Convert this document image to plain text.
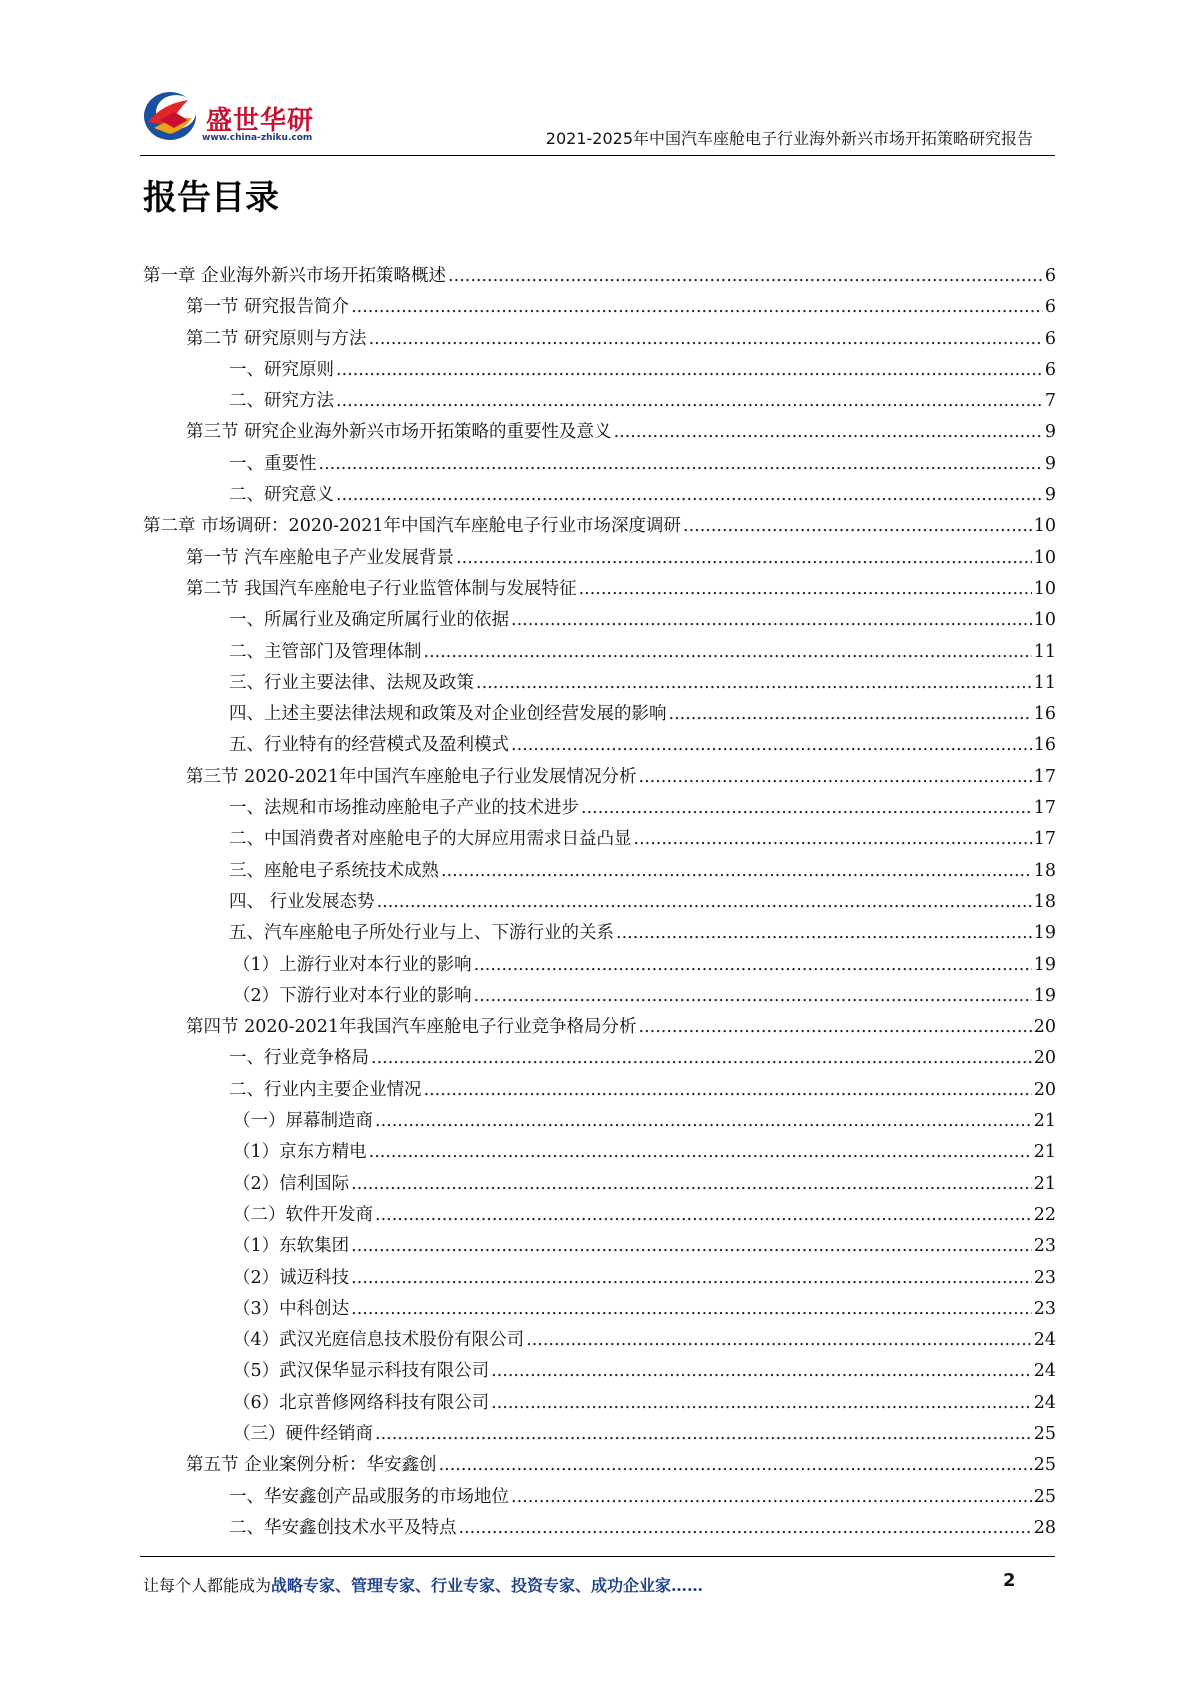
盛世华研
www.china-zhiku.com	2021-2025年中国汽车座舱电子行业海外新兴市场开拓策略研究报告
报告目录
第一章 企业海外新兴市场开拓策略概述 .....	6
第一节 研究报告简介 .....	6
第二节 研究原则与方法 .....	6
一、研究原则 .....	6
二、研究方法 .....	7
第三节 研究企业海外新兴市场开拓策略的重要性及意义 .....	9
一、重要性 .....	9
二、研究意义 .....	9
第二章 市场调研：2020-2021年中国汽车座舱电子行业市场深度调研 .....	10
第一节 汽车座舱电子产业发展背景 .....	10
第二节 我国汽车座舱电子行业监管体制与发展特征 .....	10
一、所属行业及确定所属行业的依据 .....	10
二、主管部门及管理体制 .....	11
三、行业主要法律、法规及政策 .....	11
四、上述主要法律法规和政策及对企业创经营发展的影响 .....	16
五、行业特有的经营模式及盈利模式 .....	16
第三节 2020-2021年中国汽车座舱电子行业发展情况分析 .....	17
一、法规和市场推动座舱电子产业的技术进步 .....	17
二、中国消费者对座舱电子的大屏应用需求日益凸显 .....	17
三、座舱电子系统技术成熟 .....	18
四、 行业发展态势 .....	18
五、汽车座舱电子所处行业与上、下游行业的关系 .....	19
（1）上游行业对本行业的影响 .....	19
（2）下游行业对本行业的影响 .....	19
第四节 2020-2021年我国汽车座舱电子行业竞争格局分析 .....	20
一、行业竞争格局 .....	20
二、行业内主要企业情况 .....	20
（一）屏幕制造商 .....	21
（1）京东方精电 .....	21
（2）信利国际 .....	21
（二）软件开发商 .....	22
（1）东软集团 .....	23
（2）诚迈科技 .....	23
（3）中科创达 .....	23
（4）武汉光庭信息技术股份有限公司 .....	24
（5）武汉保华显示科技有限公司 .....	24
（6）北京普修网络科技有限公司 .....	24
（三）硬件经销商 .....	25
第五节 企业案例分析：华安鑫创 .....	25
一、华安鑫创产品或服务的市场地位 .....	25
二、华安鑫创技术水平及特点 .....	28
让每个人都能成为战略专家、管理专家、行业专家、投资专家、成功企业家……	2
